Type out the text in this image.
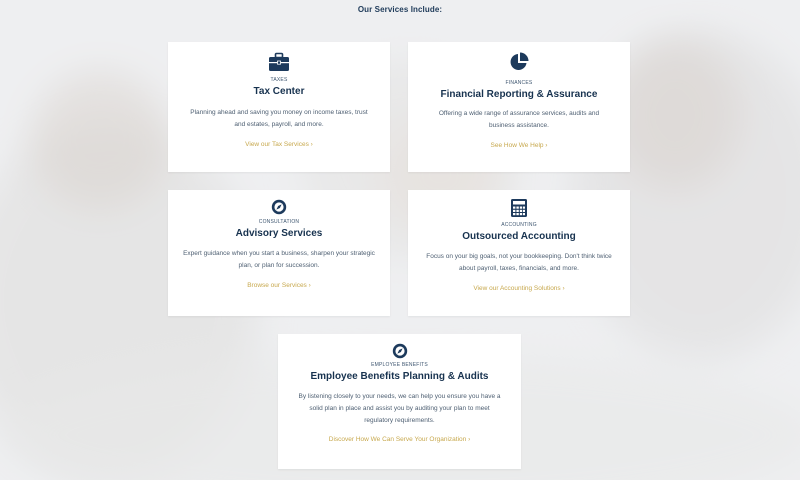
Our Services Include:
TAXES
Tax Center
Planning ahead and saving you money on income taxes, trust and estates, payroll, and more.
View our Tax Services ›
FINANCES
Financial Reporting & Assurance
Offering a wide range of assurance services, audits and business assistance.
See How We Help ›
CONSULTATION
Advisory Services
Expert guidance when you start a business, sharpen your strategic plan, or plan for succession.
Browse our Services ›
ACCOUNTING
Outsourced Accounting
Focus on your big goals, not your bookkeeping. Don't think twice about payroll, taxes, financials, and more.
View our Accounting Solutions ›
EMPLOYEE BENEFITS
Employee Benefits Planning & Audits
By listening closely to your needs, we can help you ensure you have a solid plan in place and assist you by auditing your plan to meet regulatory requirements.
Discover How We Can Serve Your Organization ›
